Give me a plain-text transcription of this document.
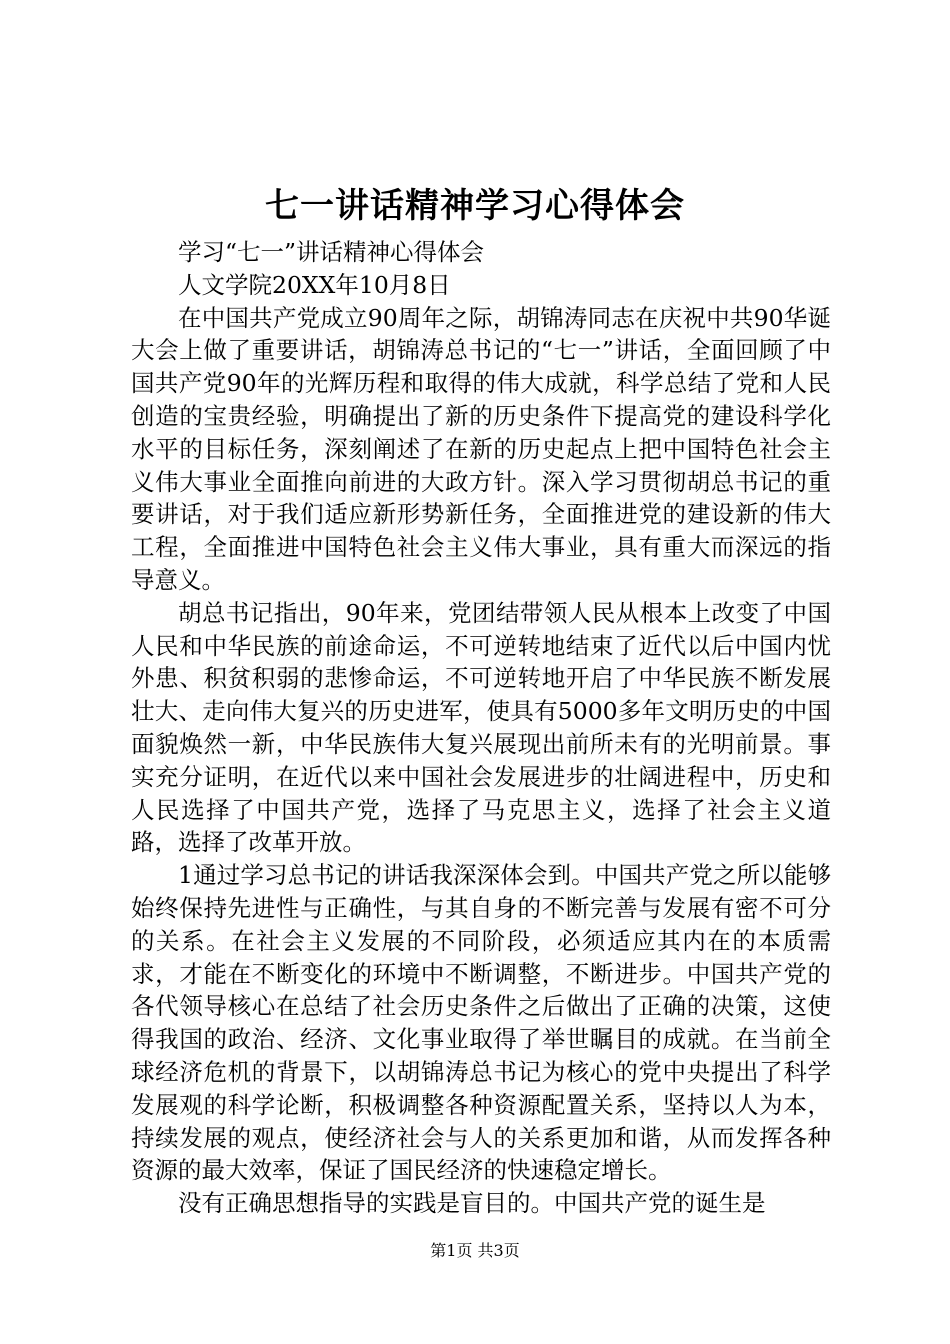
七一讲话精神学习心得体会

学习“七一”讲话精神心得体会

人文学院20XX年10月8日

在中国共产党成立90周年之际，胡锦涛同志在庆祝中共90华诞大会上做了重要讲话，胡锦涛总书记的“七一”讲话，全面回顾了中国共产党90年的光辉历程和取得的伟大成就，科学总结了党和人民创造的宝贵经验，明确提出了新的历史条件下提高党的建设科学化水平的目标任务，深刻阐述了在新的历史起点上把中国特色社会主义伟大事业全面推向前进的大政方针。深入学习贯彻胡总书记的重要讲话，对于我们适应新形势新任务，全面推进党的建设新的伟大工程，全面推进中国特色社会主义伟大事业，具有重大而深远的指导意义。

胡总书记指出，90年来，党团结带领人民从根本上改变了中国人民和中华民族的前途命运，不可逆转地结束了近代以后中国内忧外患、积贫积弱的悲惨命运，不可逆转地开启了中华民族不断发展壮大、走向伟大复兴的历史进军，使具有5000多年文明历史的中国面貌焕然一新，中华民族伟大复兴展现出前所未有的光明前景。事实充分证明，在近代以来中国社会发展进步的壮阔进程中，历史和人民选择了中国共产党，选择了马克思主义，选择了社会主义道路，选择了改革开放。

1通过学习总书记的讲话我深深体会到。中国共产党之所以能够始终保持先进性与正确性，与其自身的不断完善与发展有密不可分的关系。在社会主义发展的不同阶段，必须适应其内在的本质需求，才能在不断变化的环境中不断调整，不断进步。中国共产党的各代领导核心在总结了社会历史条件之后做出了正确的决策，这使得我国的政治、经济、文化事业取得了举世瞩目的成就。在当前全球经济危机的背景下，以胡锦涛总书记为核心的党中央提出了科学发展观的科学论断，积极调整各种资源配置关系，坚持以人为本，持续发展的观点，使经济社会与人的关系更加和谐，从而发挥各种资源的最大效率，保证了国民经济的快速稳定增长。

没有正确思想指导的实践是盲目的。中国共产党的诞生是

第1页 共3页
